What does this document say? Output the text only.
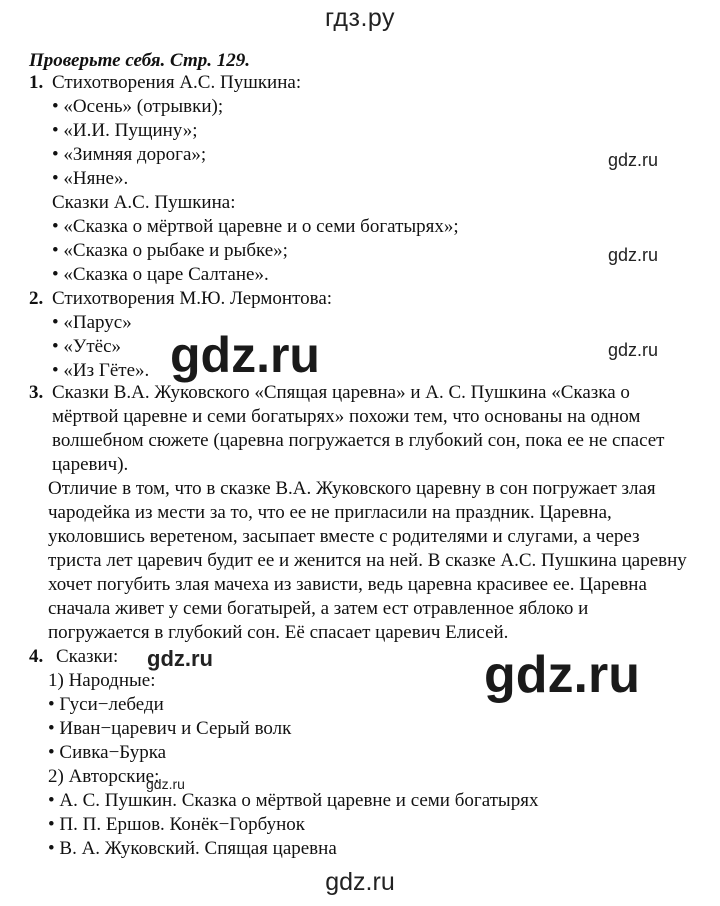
гдз.ру
Проверьте себя. Стр. 129.
1. Стихотворения А.С. Пушкина:
• «Осень» (отрывки);
• «И.И. Пущину»;
• «Зимняя дорога»;
• «Няне».
Сказки А.С. Пушкина:
• «Сказка о мёртвой царевне и о семи богатырях»;
• «Сказка о рыбаке и рыбке»;
• «Сказка о царе Салтане».
2. Стихотворения М.Ю. Лермонтова:
• «Парус»
• «Утёс»
• «Из Гёте».
3. Сказки В.А. Жуковского «Спящая царевна» и А. С. Пушкина «Сказка о
мёртвой царевне и семи богатырях» похожи тем, что основаны на одном
волшебном сюжете (царевна погружается в глубокий сон, пока ее не спасет
царевич).
Отличие в том, что в сказке В.А. Жуковского царевну в сон погружает злая
чародейка из мести за то, что ее не пригласили на праздник. Царевна,
уколовшись веретеном, засыпает вместе с родителями и слугами, а через
триста лет царевич будит ее и женится на ней. В сказке А.С. Пушкина царевну
хочет погубить злая мачеха из зависти, ведь царевна красивее ее. Царевна
сначала живет у семи богатырей, а затем ест отравленное яблоко и
погружается в глубокий сон. Её спасает царевич Елисей.
4. Сказки:
1) Народные:
• Гуси−лебеди
• Иван−царевич и Серый волк
• Сивка−Бурка
2) Авторские:
• А. С. Пушкин. Сказка о мёртвой царевне и семи богатырях
• П. П. Ершов. Конёк−Горбунок
• В. А. Жуковский. Спящая царевна
gdz.ru
gdz.ru
gdz.ru
gdz.ru
gdz.ru	gdz.ru
gdz.ru
gdz.ru
